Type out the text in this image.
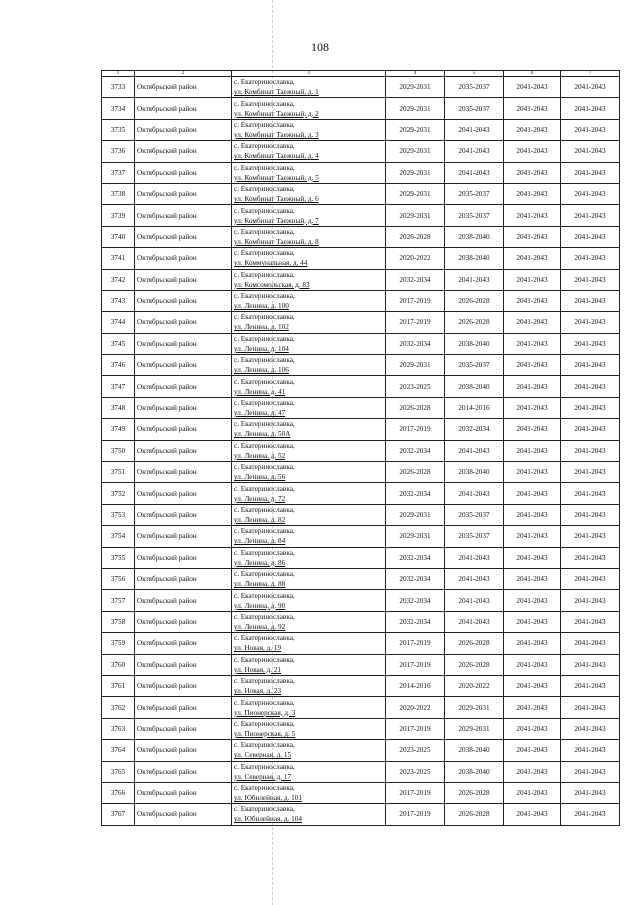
108
1	2	3	4	5	6	7
3733	Октябрьский район	с. Екатеринославка,
ул. Комбинат Таежный, д. 1	2029-2031	2035-2037	2041-2043	2041-2043
3734	Октябрьский район	с. Екатеринославка,
ул. Комбинат Таежный, д. 2	2029-2031	2035-2037	2041-2043	2041-2043
3735	Октябрьский район	с. Екатеринославка,
ул. Комбинат Таежный, д. 3	2029-2031	2041-2043	2041-2043	2041-2043
3736	Октябрьский район	с. Екатеринославка,
ул. Комбинат Таежный, д. 4	2029-2031	2041-2043	2041-2043	2041-2043
3737	Октябрьский район	с. Екатеринославка,
ул. Комбинат Таежный, д. 5	2029-2031	2041-2043	2041-2043	2041-2043
3738	Октябрьский район	с. Екатеринославка,
ул. Комбинат Таежный, д. 6	2029-2031	2035-2037	2041-2043	2041-2043
3739	Октябрьский район	с. Екатеринославка,
ул. Комбинат Таежный, д. 7	2029-2031	2035-2037	2041-2043	2041-2043
3740	Октябрьский район	с. Екатеринославка,
ул. Комбинат Таежный, д. 8	2026-2028	2038-2040	2041-2043	2041-2043
3741	Октябрьский район	с. Екатеринославка,
ул. Коммунальная, д. 44	2020-2022	2038-2040	2041-2043	2041-2043
3742	Октябрьский район	с. Екатеринославка,
ул. Комсомольская, д. 83	2032-2034	2041-2043	2041-2043	2041-2043
3743	Октябрьский район	с. Екатеринославка,
ул. Ленина, д. 100	2017-2019	2026-2028	2041-2043	2041-2043
3744	Октябрьский район	с. Екатеринославка,
ул. Ленина, д. 102	2017-2019	2026-2028	2041-2043	2041-2043
3745	Октябрьский район	с. Екатеринославка,
ул. Ленина, д. 104	2032-2034	2038-2040	2041-2043	2041-2043
3746	Октябрьский район	с. Екатеринославка,
ул. Ленина, д. 106	2029-2031	2035-2037	2041-2043	2041-2043
3747	Октябрьский район	с. Екатеринославка,
ул. Ленина, д. 41	2023-2025	2038-2040	2041-2043	2041-2043
3748	Октябрьский район	с. Екатеринославка,
ул. Ленина, д. 47	2026-2028	2014-2016	2041-2043	2041-2043
3749	Октябрьский район	с. Екатеринославка,
ул. Ленина, д. 50А	2017-2019	2032-2034	2041-2043	2041-2043
3750	Октябрьский район	с. Екатеринославка,
ул. Ленина, д. 52	2032-2034	2041-2043	2041-2043	2041-2043
3751	Октябрьский район	с. Екатеринославка,
ул. Ленина, д. 56	2026-2028	2038-2040	2041-2043	2041-2043
3752	Октябрьский район	с. Екатеринославка,
ул. Ленина, д. 72	2032-2034	2041-2043	2041-2043	2041-2043
3753	Октябрьский район	с. Екатеринославка,
ул. Ленина, д. 82	2029-2031	2035-2037	2041-2043	2041-2043
3754	Октябрьский район	с. Екатеринославка,
ул. Ленина, д. 84	2029-2031	2035-2037	2041-2043	2041-2043
3755	Октябрьский район	с. Екатеринославка,
ул. Ленина, д. 86	2032-2034	2041-2043	2041-2043	2041-2043
3756	Октябрьский район	с. Екатеринославка,
ул. Ленина, д. 88	2032-2034	2041-2043	2041-2043	2041-2043
3757	Октябрьский район	с. Екатеринославка,
ул. Ленина, д. 90	2032-2034	2041-2043	2041-2043	2041-2043
3758	Октябрьский район	с. Екатеринославка,
ул. Ленина, д. 92	2032-2034	2041-2043	2041-2043	2041-2043
3759	Октябрьский район	с. Екатеринославка,
ул. Новая, д. 19	2017-2019	2026-2028	2041-2043	2041-2043
3760	Октябрьский район	с. Екатеринославка,
ул. Новая, д. 21	2017-2019	2026-2028	2041-2043	2041-2043
3761	Октябрьский район	с. Екатеринославка,
ул. Новая, д. 23	2014-2016	2020-2022	2041-2043	2041-2043
3762	Октябрьский район	с. Екатеринославка,
ул. Пионерская, д. 3	2020-2022	2029-2031	2041-2043	2041-2043
3763	Октябрьский район	с. Екатеринославка,
ул. Пионерская, д. 5	2017-2019	2029-2031	2041-2043	2041-2043
3764	Октябрьский район	с. Екатеринославка,
ул. Северная, д. 15	2023-2025	2038-2040	2041-2043	2041-2043
3765	Октябрьский район	с. Екатеринославка,
ул. Северная, д. 17	2023-2025	2038-2040	2041-2043	2041-2043
3766	Октябрьский район	с. Екатеринославка,
ул. Юбилейная, д. 101	2017-2019	2026-2028	2041-2043	2041-2043
3767	Октябрьский район	с. Екатеринославка,
ул. Юбилейная, д. 104	2017-2019	2026-2028	2041-2043	2041-2043
